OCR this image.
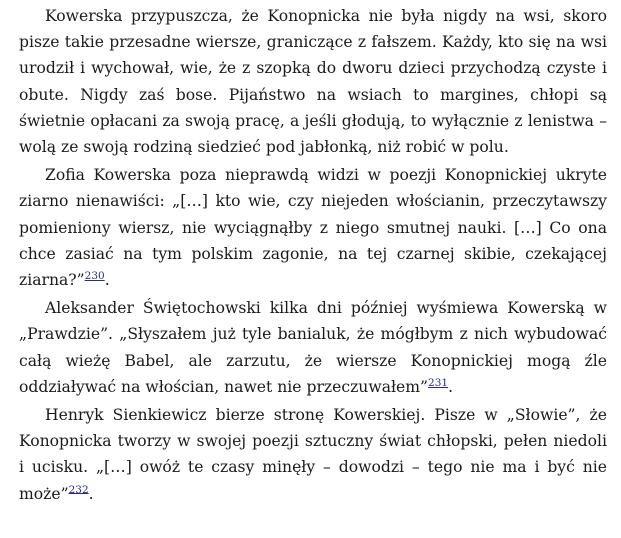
Kowerska przypuszcza, że Konopnicka nie była nigdy na wsi, skoro pisze takie przesadne wiersze, graniczące z fałszem. Każdy, kto się na wsi urodził i wychował, wie, że z szopką do dworu dzieci przychodzą czyste i obute. Nigdy zaś bose. Pijaństwo na wsiach to margines, chłopi są świetnie opłacani za swoją pracę, a jeśli głodują, to wyłącznie z lenistwa – wolą ze swoją rodziną siedzieć pod jabłonką, niż robić w polu.

Zofia Kowerska poza nieprawdą widzi w poezji Konopnickiej ukryte ziarno nienawiści: „[…] kto wie, czy niejeden włościanin, przeczytawszy pomieniony wiersz, nie wyciągnąłby z niego smutnej nauki. […] Co ona chce zasiać na tym polskim zagonie, na tej czarnej skibie, czekającej ziarna?”$^{230}$.

Aleksander Świętochowski kilka dni później wyśmiewa Kowerską w „Prawdzie”. „Słyszałem już tyle banialuk, że mógłbym z nich wybudować całą wieżę Babel, ale zarzutu, że wiersze Konopnickiej mogą źle oddziaływać na włościan, nawet nie przeczuwałem”$^{231}$.

Henryk Sienkiewicz bierze stronę Kowerskiej. Pisze w „Słowie”, że Konopnicka tworzy w swojej poezji sztuczny świat chłopski, pełen niedoli i ucisku. „[…] owóż te czasy minęły – dowodzi – tego nie ma i być nie może”$^{232}$.
